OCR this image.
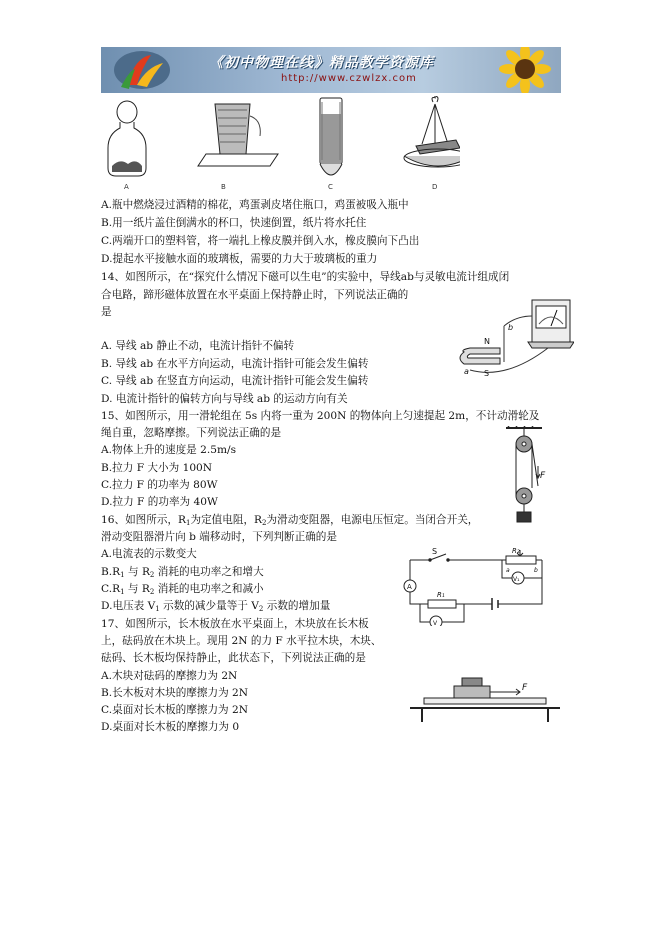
《初中物理在线》精品教学资源库
http://www.czwlzx.com
A	B	C	D
A.瓶中燃烧浸过酒精的棉花，鸡蛋剥皮堵住瓶口，鸡蛋被吸入瓶中
B.用一纸片盖住倒满水的杯口，快速倒置，纸片将水托住
C.两端开口的塑料管，将一端扎上橡皮膜并倒入水，橡皮膜向下凸出
D.提起水平接触水面的玻璃板，需要的力大于玻璃板的重力
14、如图所示，在“探究什么情况下磁可以生电”的实验中，导线ab与灵敏电流计组成闭
合电路，蹄形磁体放置在水平桌面上保持静止时，下列说法正确的
是
A. 导线 ab 静止不动，电流计指针不偏转
B. 导线 ab 在水平方向运动，电流计指针可能会发生偏转
C. 导线 ab 在竖直方向运动，电流计指针可能会发生偏转
D. 电流计指针的偏转方向与导线 ab 的运动方向有关
N
S
a
b
15、如图所示，用一滑轮组在 5s 内将一重为 200N 的物体向上匀速提起 2m，不计动滑轮及
绳自重，忽略摩擦。下列说法正确的是
A.物体上升的速度是 2.5m/s
B.拉力 F 大小为 100N
C.拉力 F 的功率为 80W
D.拉力 F 的功率为 40W
F
16、如图所示，$R_1$为定值电阻，$R_2$为滑动变阻器，电源电压恒定。当闭合开关，
滑动变阻器滑片向 b 端移动时，下列判断正确的是
A.电流表的示数变大
$B.R_1$ 与 $R_2$ 消耗的电功率之和增大
$C.R_1$ 与 $R_2$ 消耗的电功率之和减小
D.电压表 $V_1$ 示数的减少量等于 $V_2$ 示数的增加量
S	R₂
R₁
a	b
A
V₁
V
17、如图所示，长木板放在水平桌面上，木块放在长木板
上，砝码放在木块上。现用 2N 的力 F 水平拉木块，木块、
砝码、长木板均保持静止，此状态下，下列说法正确的是
A.木块对砝码的摩擦力为 2N
B.长木板对木块的摩擦力为 2N
C.桌面对长木板的摩擦力为 2N
D.桌面对长木板的摩擦力为 0
F
